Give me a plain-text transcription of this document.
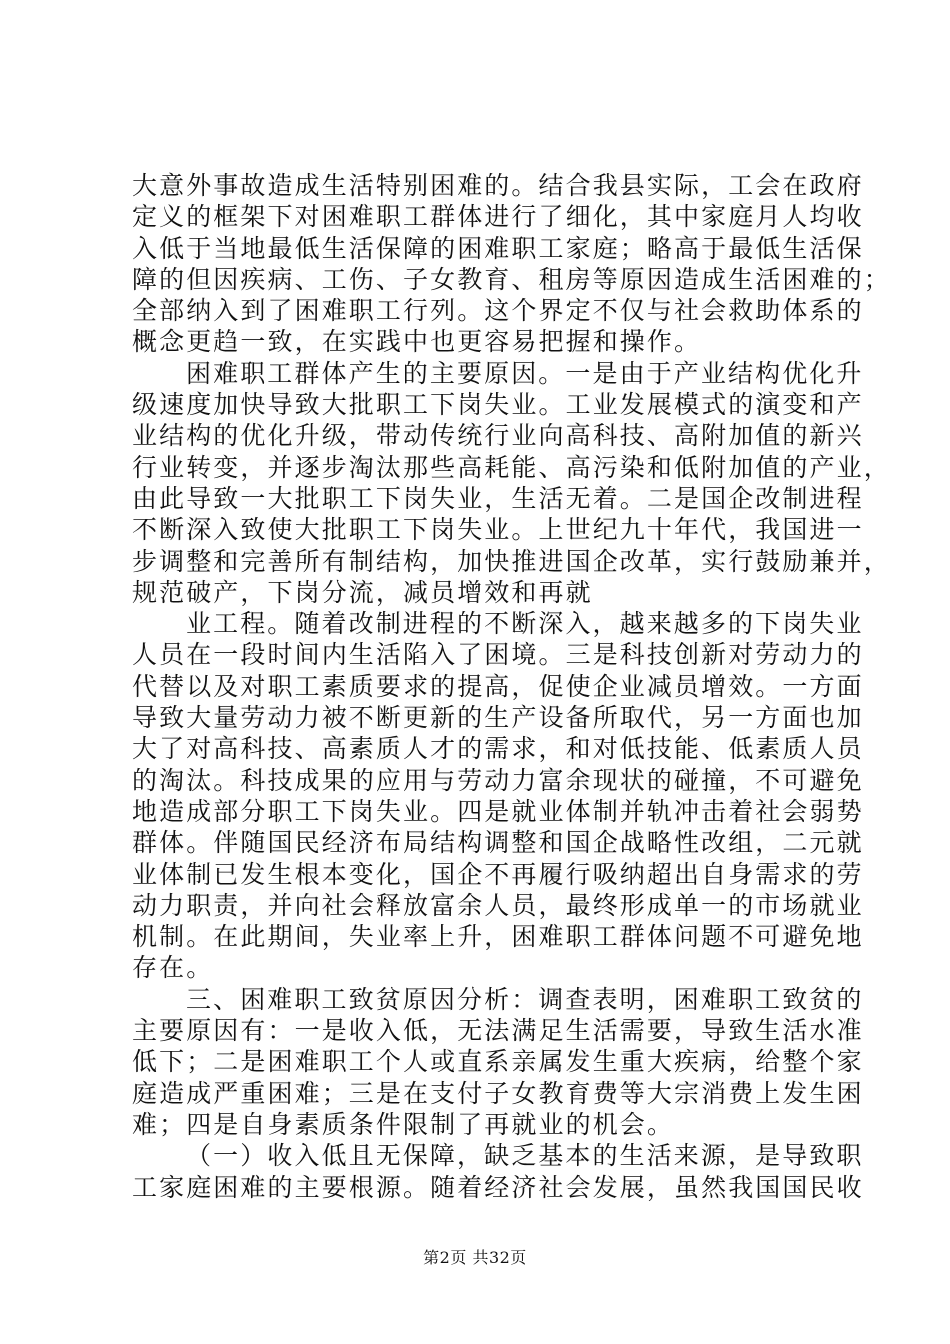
大意外事故造成生活特别困难的。结合我县实际，工会在政府
定义的框架下对困难职工群体进行了细化，其中家庭月人均收
入低于当地最低生活保障的困难职工家庭；略高于最低生活保
障的但因疾病、工伤、子女教育、租房等原因造成生活困难的；
全部纳入到了困难职工行列。这个界定不仅与社会救助体系的
概念更趋一致，在实践中也更容易把握和操作。
困难职工群体产生的主要原因。一是由于产业结构优化升
级速度加快导致大批职工下岗失业。工业发展模式的演变和产
业结构的优化升级，带动传统行业向高科技、高附加值的新兴
行业转变，并逐步淘汰那些高耗能、高污染和低附加值的产业，
由此导致一大批职工下岗失业，生活无着。二是国企改制进程
不断深入致使大批职工下岗失业。上世纪九十年代，我国进一
步调整和完善所有制结构，加快推进国企改革，实行鼓励兼并，
规范破产，下岗分流，减员增效和再就
业工程。随着改制进程的不断深入，越来越多的下岗失业
人员在一段时间内生活陷入了困境。三是科技创新对劳动力的
代替以及对职工素质要求的提高，促使企业减员增效。一方面
导致大量劳动力被不断更新的生产设备所取代，另一方面也加
大了对高科技、高素质人才的需求，和对低技能、低素质人员
的淘汰。科技成果的应用与劳动力富余现状的碰撞，不可避免
地造成部分职工下岗失业。四是就业体制并轨冲击着社会弱势
群体。伴随国民经济布局结构调整和国企战略性改组，二元就
业体制已发生根本变化，国企不再履行吸纳超出自身需求的劳
动力职责，并向社会释放富余人员，最终形成单一的市场就业
机制。在此期间，失业率上升，困难职工群体问题不可避免地
存在。
三、困难职工致贫原因分析：调查表明，困难职工致贫的
主要原因有：一是收入低，无法满足生活需要，导致生活水准
低下；二是困难职工个人或直系亲属发生重大疾病，给整个家
庭造成严重困难；三是在支付子女教育费等大宗消费上发生困
难；四是自身素质条件限制了再就业的机会。
（一）收入低且无保障，缺乏基本的生活来源，是导致职
工家庭困难的主要根源。随着经济社会发展，虽然我国国民收
第2页 共32页
